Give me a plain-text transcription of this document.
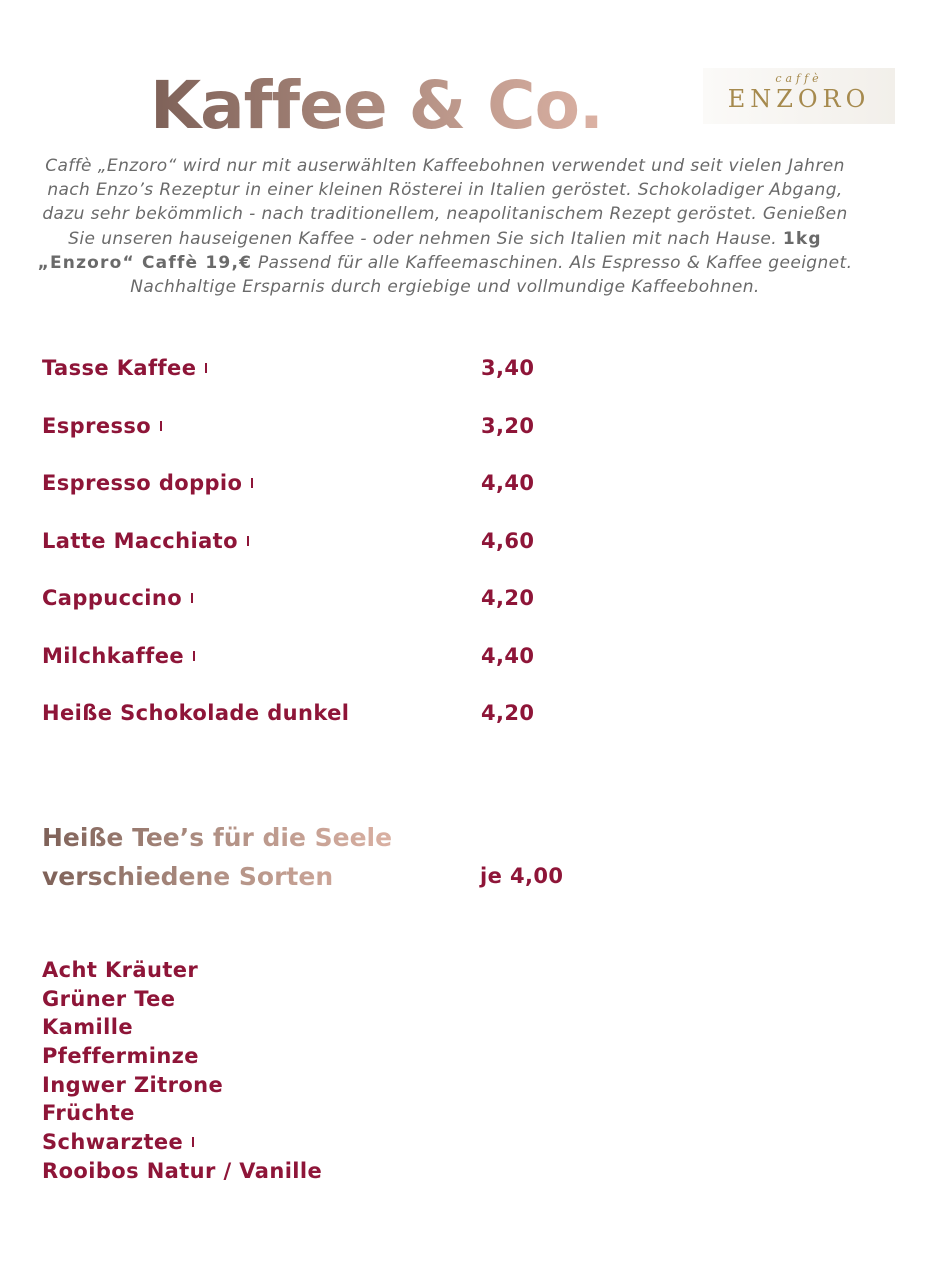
Kaffee & Co.	caffè
ENZORO

Caffè „Enzoro“ wird nur mit auserwählten Kaffeebohnen verwendet und seit vielen Jahren nach Enzo’s Rezeptur in einer kleinen Rösterei in Italien geröstet. Schokoladiger Abgang, dazu sehr bekömmlich - nach traditionellem, neapolitanischem Rezept geröstet. Genießen Sie unseren hauseigenen Kaffee - oder nehmen Sie sich Italien mit nach Hause. 1kg „Enzoro“ Caffè 19,€ Passend für alle Kaffeemaschinen. Als Espresso & Kaffee geeignet. Nachhaltige Ersparnis durch ergiebige und vollmundige Kaffeebohnen.

Tasse Kaffee	3,40
Espresso	3,20
Espresso doppio	4,40
Latte Macchiato	4,60
Cappuccino	4,20
Milchkaffee	4,40
Heiße Schokolade dunkel	4,20
Heiße Tee’s für die Seele
verschiedene Sorten	je 4,00
Acht Kräuter
Grüner Tee
Kamille
Pfefferminze
Ingwer Zitrone
Früchte
Schwarztee
Rooibos Natur / Vanille
